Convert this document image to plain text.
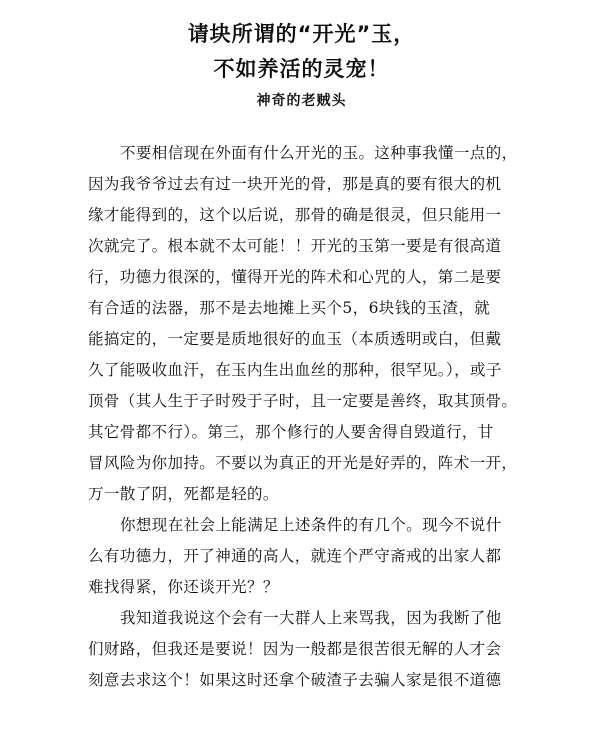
请块所谓的“开光”玉，
不如养活的灵宠！
神奇的老贼头
不要相信现在外面有什么开光的玉。这种事我懂一点的，
因为我爷爷过去有过一块开光的骨，那是真的要有很大的机
缘才能得到的，这个以后说，那骨的确是很灵，但只能用一
次就完了。根本就不太可能！！开光的玉第一要是有很高道
行，功德力很深的，懂得开光的阵术和心咒的人，第二是要
有合适的法器，那不是去地摊上买个5，6块钱的玉渣，就
能搞定的，一定要是质地很好的血玉（本质透明或白，但戴
久了能吸收血汗，在玉内生出血丝的那种，很罕见。），或子
顶骨（其人生于子时殁于子时，且一定要是善终，取其顶骨。
其它骨都不行）。第三，那个修行的人要舍得自毁道行，甘
冒风险为你加持。不要以为真正的开光是好弄的，阵术一开，
万一散了阴，死都是轻的。
你想现在社会上能满足上述条件的有几个。现今不说什
么有功德力，开了神通的高人，就连个严守斋戒的出家人都
难找得紧，你还谈开光？？
我知道我说这个会有一大群人上来骂我，因为我断了他
们财路，但我还是要说！因为一般都是很苦很无解的人才会
刻意去求这个！如果这时还拿个破渣子去骗人家是很不道德
